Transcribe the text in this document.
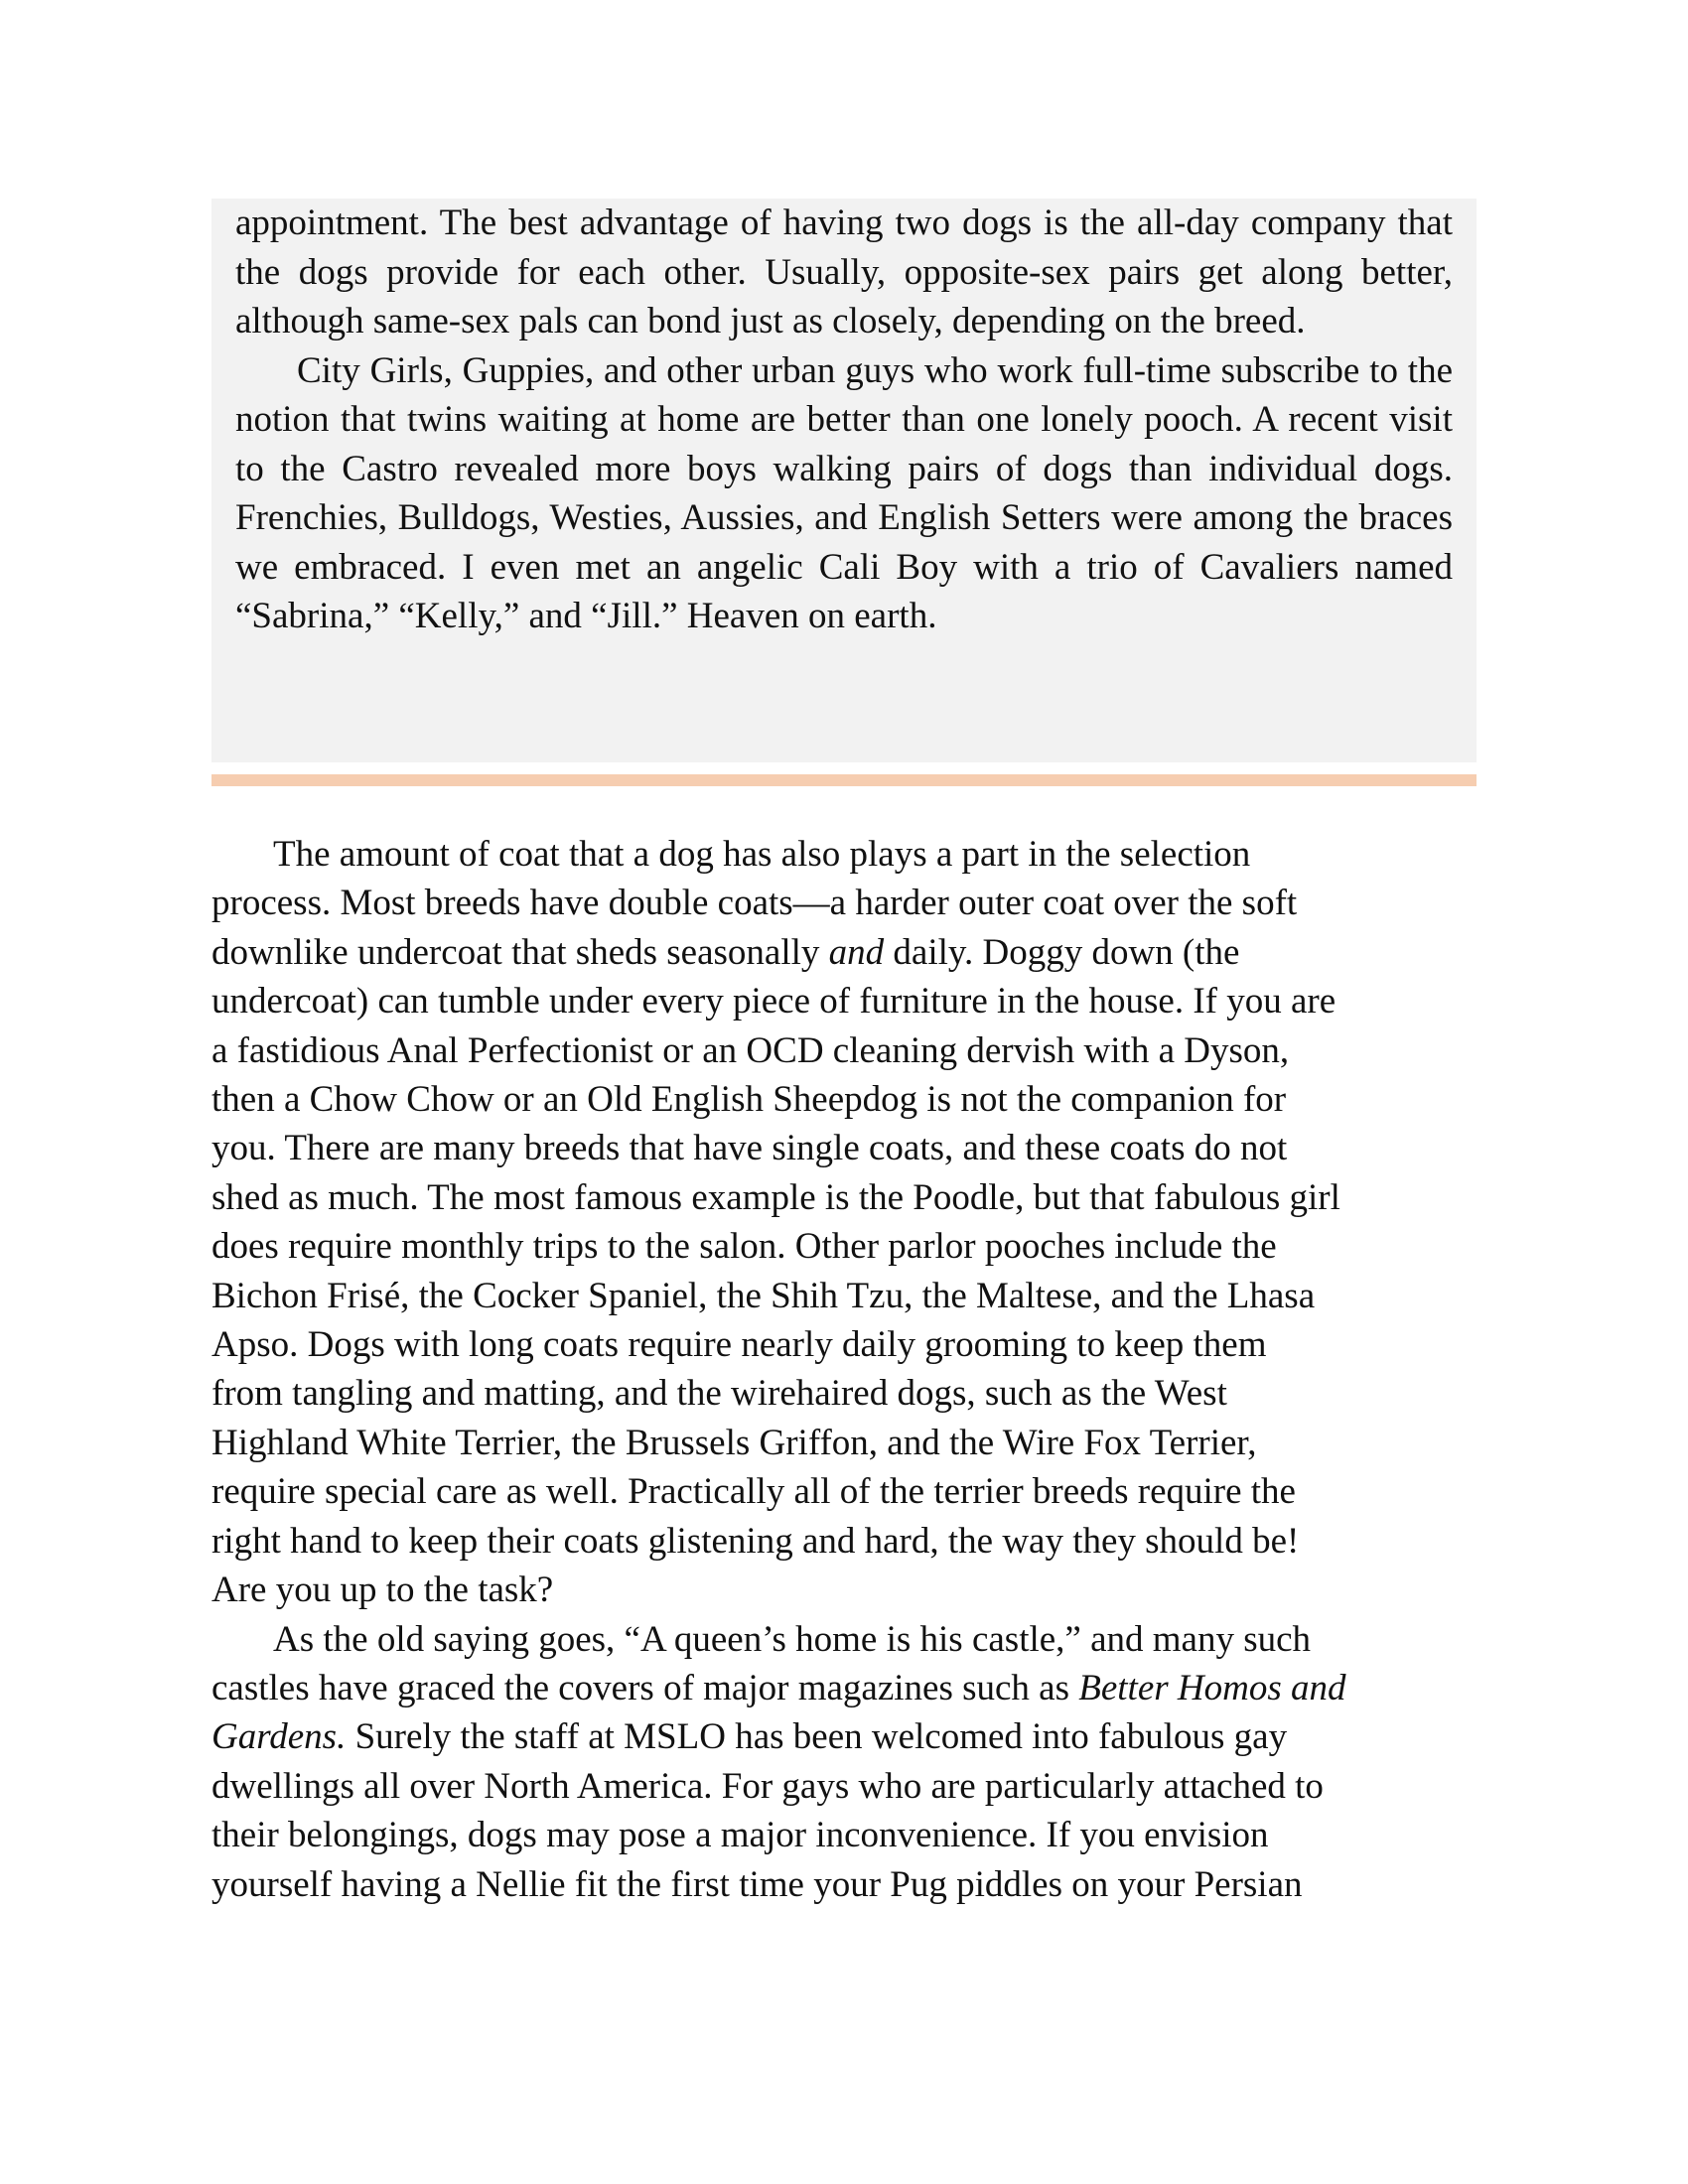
appointment. The best advantage of having two dogs is the all-day company that the dogs provide for each other. Usually, opposite-sex pairs get along better, although same-sex pals can bond just as closely, depending on the breed.

City Girls, Guppies, and other urban guys who work full-time subscribe to the notion that twins waiting at home are better than one lonely pooch. A recent visit to the Castro revealed more boys walking pairs of dogs than individual dogs. Frenchies, Bulldogs, Westies, Aussies, and English Setters were among the braces we embraced. I even met an angelic Cali Boy with a trio of Cavaliers named “Sabrina,” “Kelly,” and “Jill.” Heaven on earth.

The amount of coat that a dog has also plays a part in the selection
process. Most breeds have double coats—a harder outer coat over the soft
downlike undercoat that sheds seasonally and daily. Doggy down (the
undercoat) can tumble under every piece of furniture in the house. If you are
a fastidious Anal Perfectionist or an OCD cleaning dervish with a Dyson,
then a Chow Chow or an Old English Sheepdog is not the companion for
you. There are many breeds that have single coats, and these coats do not
shed as much. The most famous example is the Poodle, but that fabulous girl
does require monthly trips to the salon. Other parlor pooches include the
Bichon Frisé, the Cocker Spaniel, the Shih Tzu, the Maltese, and the Lhasa
Apso. Dogs with long coats require nearly daily grooming to keep them
from tangling and matting, and the wirehaired dogs, such as the West
Highland White Terrier, the Brussels Griffon, and the Wire Fox Terrier,
require special care as well. Practically all of the terrier breeds require the
right hand to keep their coats glistening and hard, the way they should be!
Are you up to the task?
As the old saying goes, “A queen’s home is his castle,” and many such
castles have graced the covers of major magazines such as Better Homos and
Gardens. Surely the staff at MSLO has been welcomed into fabulous gay
dwellings all over North America. For gays who are particularly attached to
their belongings, dogs may pose a major inconvenience. If you envision
yourself having a Nellie fit the first time your Pug piddles on your Persian
